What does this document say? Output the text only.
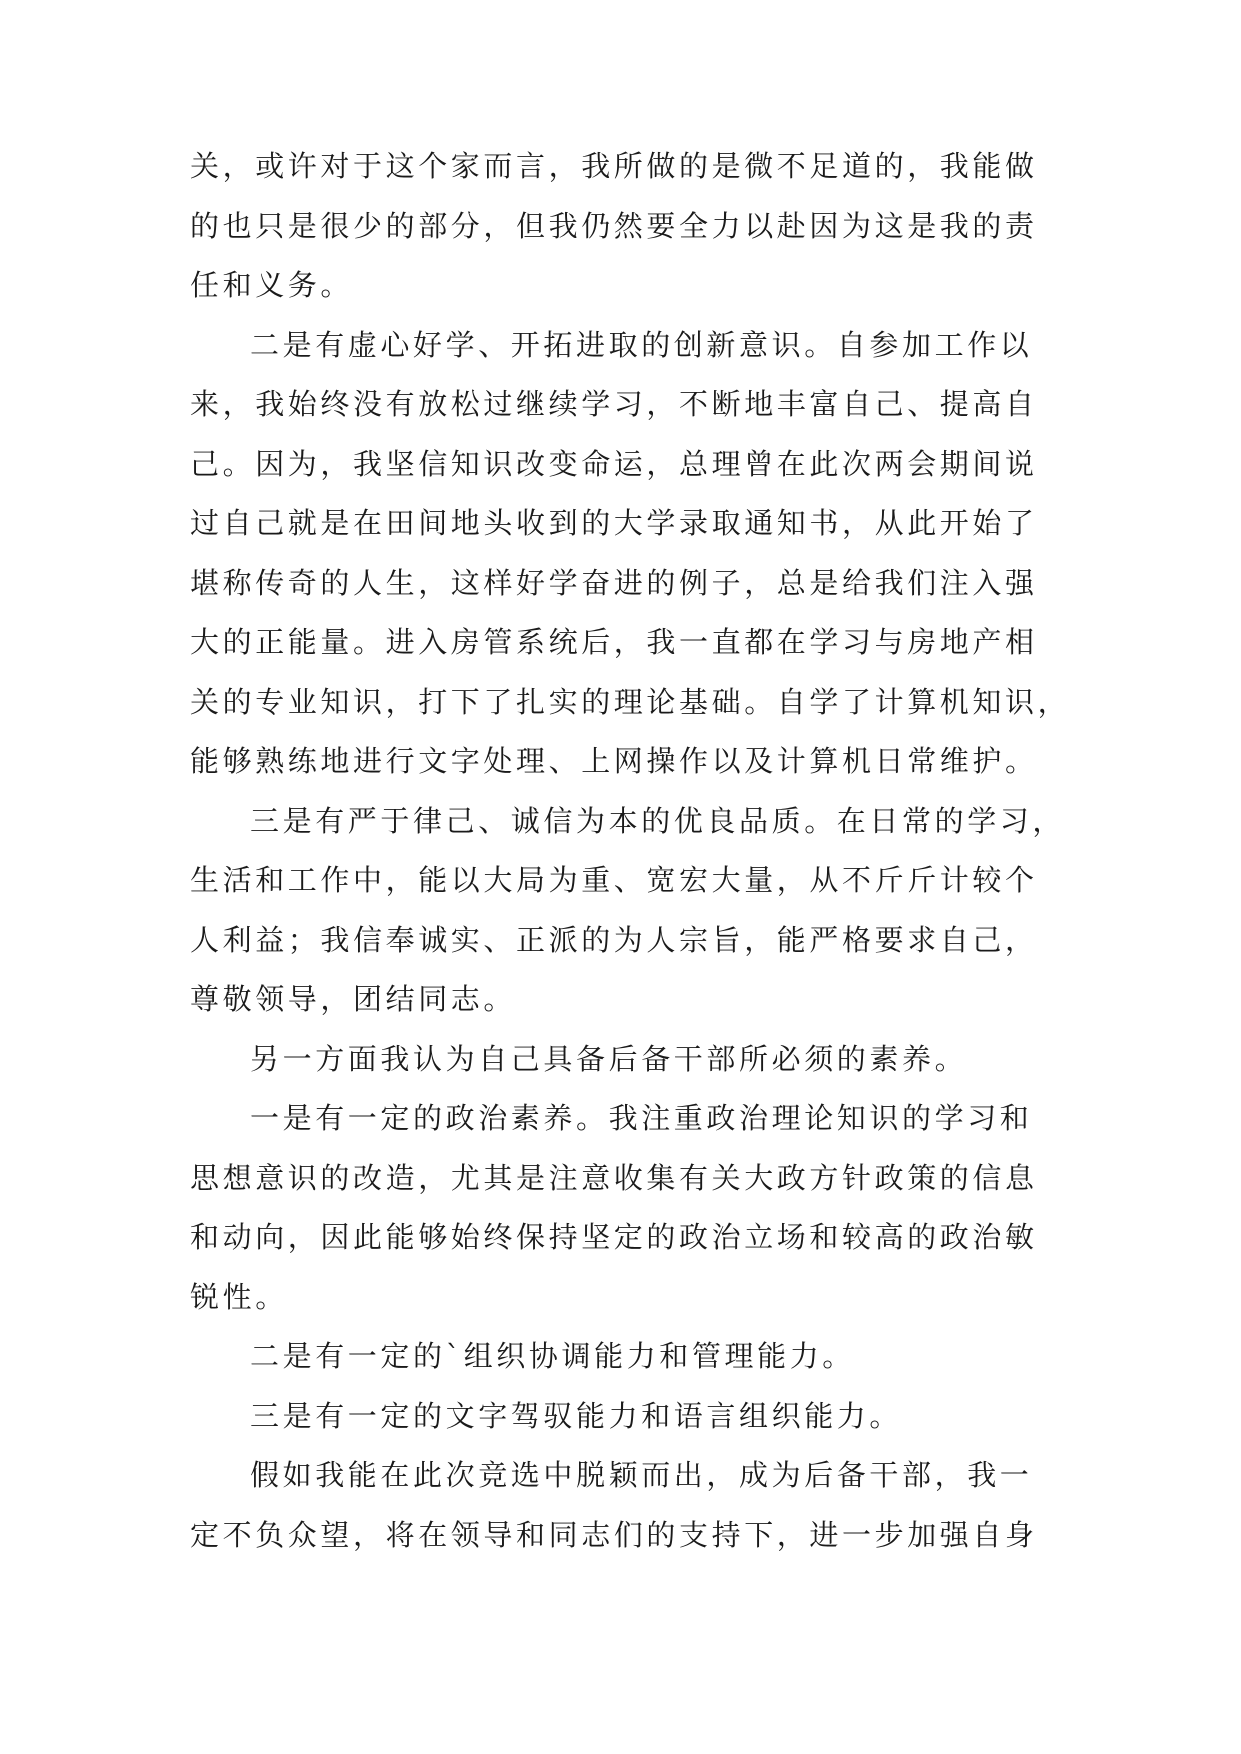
关，或许对于这个家而言，我所做的是微不足道的，我能做
的也只是很少的部分，但我仍然要全力以赴因为这是我的责
任和义务。
二是有虚心好学、开拓进取的创新意识。自参加工作以
来，我始终没有放松过继续学习，不断地丰富自己、提高自
己。因为，我坚信知识改变命运，总理曾在此次两会期间说
过自己就是在田间地头收到的大学录取通知书，从此开始了
堪称传奇的人生，这样好学奋进的例子，总是给我们注入强
大的正能量。进入房管系统后，我一直都在学习与房地产相
关的专业知识，打下了扎实的理论基础。自学了计算机知识，
能够熟练地进行文字处理、上网操作以及计算机日常维护。
三是有严于律己、诚信为本的优良品质。在日常的学习，
生活和工作中，能以大局为重、宽宏大量，从不斤斤计较个
人利益；我信奉诚实、正派的为人宗旨，能严格要求自己，
尊敬领导，团结同志。
另一方面我认为自己具备后备干部所必须的素养。
一是有一定的政治素养。我注重政治理论知识的学习和
思想意识的改造，尤其是注意收集有关大政方针政策的信息
和动向，因此能够始终保持坚定的政治立场和较高的政治敏
锐性。
二是有一定的`组织协调能力和管理能力。
三是有一定的文字驾驭能力和语言组织能力。
假如我能在此次竞选中脱颖而出，成为后备干部，我一
定不负众望，将在领导和同志们的支持下，进一步加强自身
